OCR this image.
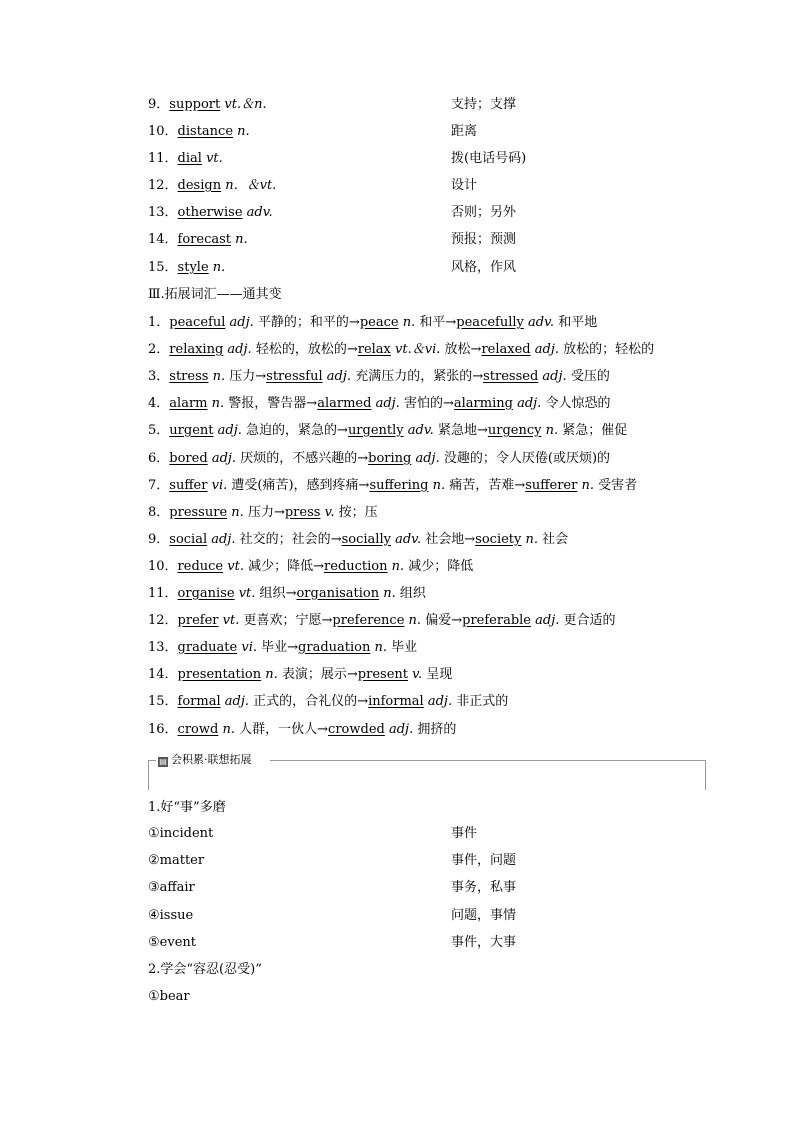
9．support vt.＆n.	支持；支撑
10．distance n.	距离
11．dial vt.	拨(电话号码)
12．design n．＆vt.	设计
13．otherwise adv.	否则；另外
14．forecast n.	预报；预测
15．style n.	风格，作风
Ⅲ.拓展词汇——通其变
1．peaceful adj. 平静的；和平的→peace n. 和平→peacefully adv. 和平地
2．relaxing adj. 轻松的，放松的→relax vt.＆vi. 放松→relaxed adj. 放松的；轻松的
3．stress n. 压力→stressful adj. 充满压力的，紧张的→stressed adj. 受压的
4．alarm n. 警报，警告器→alarmed adj. 害怕的→alarming adj. 令人惊恐的
5．urgent adj. 急迫的，紧急的→urgently adv. 紧急地→urgency n. 紧急；催促
6．bored adj. 厌烦的，不感兴趣的→boring adj. 没趣的；令人厌倦(或厌烦)的
7．suffer vi. 遭受(痛苦)，感到疼痛→suffering n. 痛苦，苦难→sufferer n. 受害者
8．pressure n. 压力→press v. 按；压
9．social adj. 社交的；社会的→socially adv. 社会地→society n. 社会
10．reduce vt. 减少；降低→reduction n. 减少；降低
11．organise vt. 组织→organisation n. 组织
12．prefer vt. 更喜欢；宁愿→preference n. 偏爱→preferable adj. 更合适的
13．graduate vi. 毕业→graduation n. 毕业
14．presentation n. 表演；展示→present v. 呈现
15．formal adj. 正式的，合礼仪的→informal adj. 非正式的
16．crowd n. 人群，一伙人→crowded adj. 拥挤的
▤ 会积累·联想拓展
1.好“事”多磨
①incident	事件
②matter	事件，问题
③affair	事务，私事
④issue	问题，事情
⑤event	事件，大事
2.学会“容忍(忍受)”
①bear
